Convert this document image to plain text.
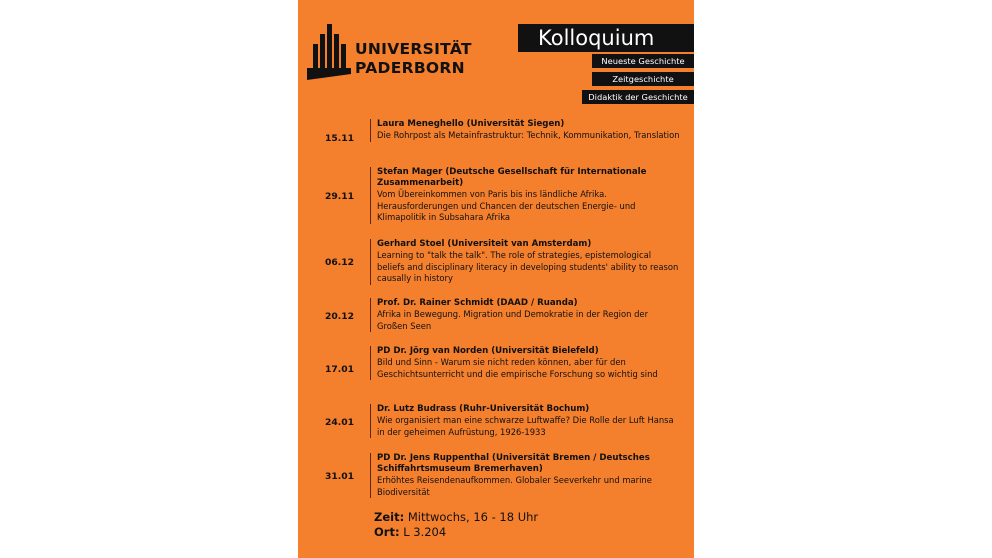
UNIVERSITÄT
PADERBORN
Kolloquium
Neueste Geschichte
Zeitgeschichte
Didaktik der Geschichte
15.11
Laura Meneghello (Universität Siegen)
Die Rohrpost als Metainfrastruktur: Technik, Kommunikation, Translation
29.11
Stefan Mager (Deutsche Gesellschaft für Internationale Zusammenarbeit)
Vom Übereinkommen von Paris bis ins ländliche Afrika. Herausforderungen und Chancen der deutschen Energie- und Klimapolitik in Subsahara Afrika
06.12
Gerhard Stoel (Universiteit van Amsterdam)
Learning to "talk the talk". The role of strategies, epistemological beliefs and disciplinary literacy in developing students' ability to reason causally in history
20.12
Prof. Dr. Rainer Schmidt (DAAD / Ruanda)
Afrika in Bewegung. Migration und Demokratie in der Region der Großen Seen
17.01
PD Dr. Jörg van Norden (Universität Bielefeld)
Bild und Sinn - Warum sie nicht reden können, aber für den Geschichtsunterricht und die empirische Forschung so wichtig sind
24.01
Dr. Lutz Budrass (Ruhr-Universität Bochum)
Wie organisiert man eine schwarze Luftwaffe? Die Rolle der Luft Hansa in der geheimen Aufrüstung, 1926-1933
31.01
PD Dr. Jens Ruppenthal (Universität Bremen / Deutsches Schiffahrtsmuseum Bremerhaven)
Erhöhtes Reisendenaufkommen. Globaler Seeverkehr und marine Biodiversität
Zeit: Mittwochs, 16 - 18 Uhr
Ort: L 3.204
